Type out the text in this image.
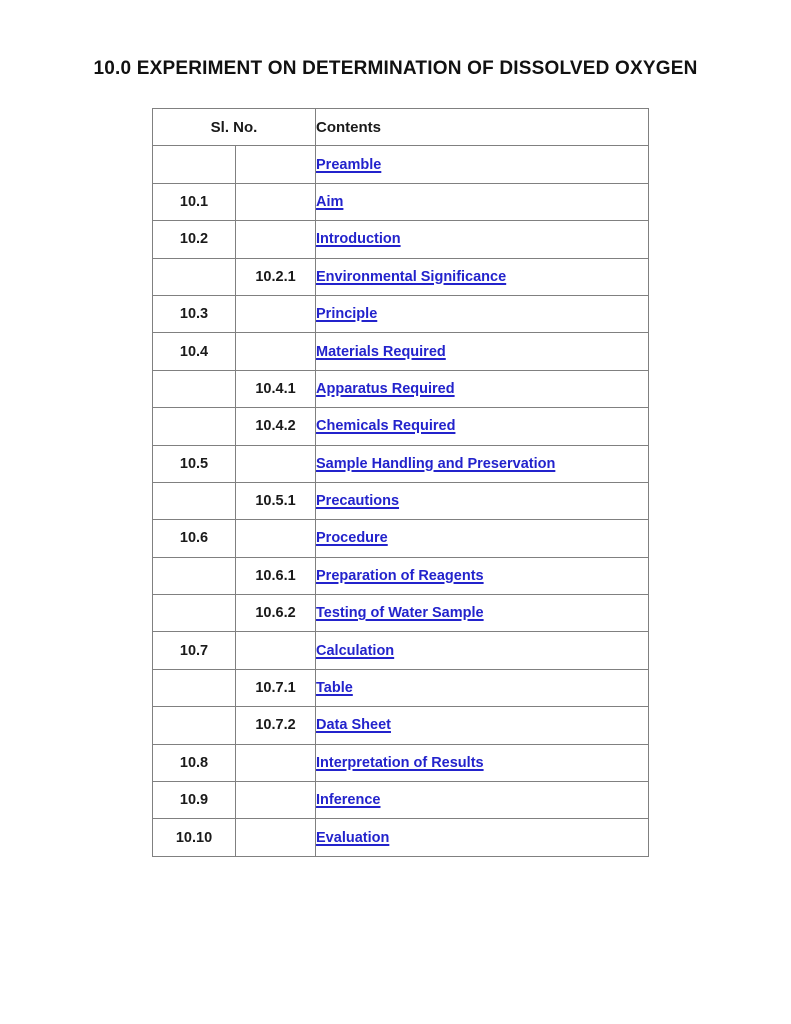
10.0 EXPERIMENT ON DETERMINATION OF DISSOLVED OXYGEN
Sl. No.		Contents
		Preamble
10.1		Aim
10.2		Introduction
	10.2.1	Environmental Significance
10.3		Principle
10.4		Materials Required
	10.4.1	Apparatus Required
	10.4.2	Chemicals Required
10.5		Sample Handling and Preservation
	10.5.1	Precautions
10.6		Procedure
	10.6.1	Preparation of Reagents
	10.6.2	Testing of Water Sample
10.7		Calculation
	10.7.1	Table
	10.7.2	Data Sheet
10.8		Interpretation of Results
10.9		Inference
10.10		Evaluation
